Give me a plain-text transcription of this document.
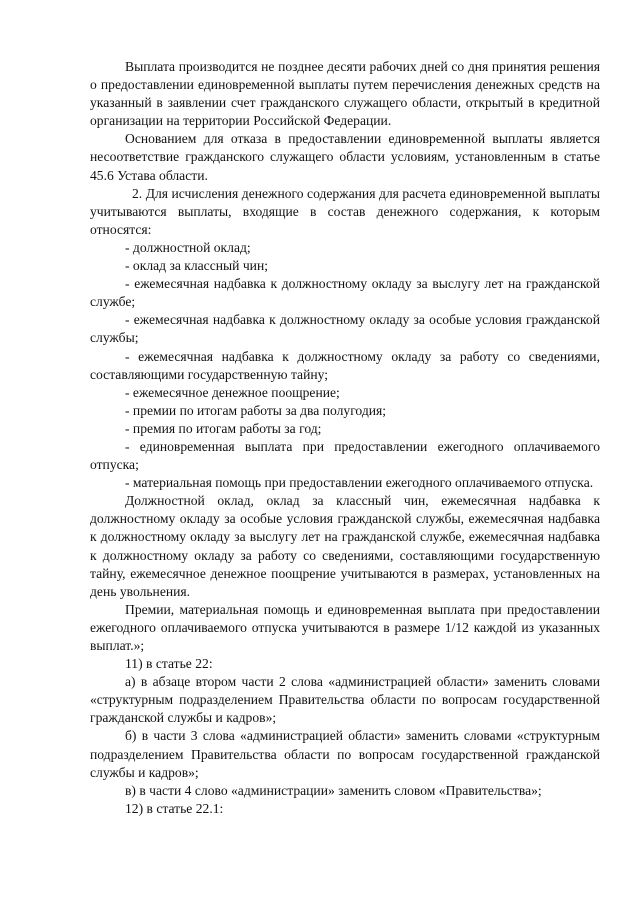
Выплата производится не позднее десяти рабочих дней со дня принятия решения о предоставлении единовременной выплаты путем перечисления денежных средств на указанный в заявлении счет гражданского служащего области, открытый в кредитной организации на территории Российской Федерации.

Основанием для отказа в предоставлении единовременной выплаты является несоответствие гражданского служащего области условиям, установленным в статье 45.6 Устава области.

2. Для исчисления денежного содержания для расчета единовременной выплаты учитываются выплаты, входящие в состав денежного содержания, к которым относятся:

- должностной оклад;

- оклад за классный чин;

- ежемесячная надбавка к должностному окладу за выслугу лет на гражданской службе;

- ежемесячная надбавка к должностному окладу за особые условия гражданской службы;

- ежемесячная надбавка к должностному окладу за работу со сведениями, составляющими государственную тайну;

- ежемесячное денежное поощрение;

- премии по итогам работы за два полугодия;

- премия по итогам работы за год;

- единовременная выплата при предоставлении ежегодного оплачиваемого отпуска;

- материальная помощь при предоставлении ежегодного оплачиваемого отпуска.

Должностной оклад, оклад за классный чин, ежемесячная надбавка к должностному окладу за особые условия гражданской службы, ежемесячная надбавка к должностному окладу за выслугу лет на гражданской службе, ежемесячная надбавка к должностному окладу за работу со сведениями, составляющими государственную тайну, ежемесячное денежное поощрение учитываются в размерах, установленных на день увольнения.

Премии, материальная помощь и единовременная выплата при предоставлении ежегодного оплачиваемого отпуска учитываются в размере 1/12 каждой из указанных выплат.»;

11) в статье 22:

а) в абзаце втором части 2 слова «администрацией области» заменить словами «структурным подразделением Правительства области по вопросам государственной гражданской службы и кадров»;

б) в части 3 слова «администрацией области» заменить словами «структурным подразделением Правительства области по вопросам государственной гражданской службы и кадров»;

в) в части 4 слово «администрации» заменить словом «Правительства»;

12) в статье 22.1:
